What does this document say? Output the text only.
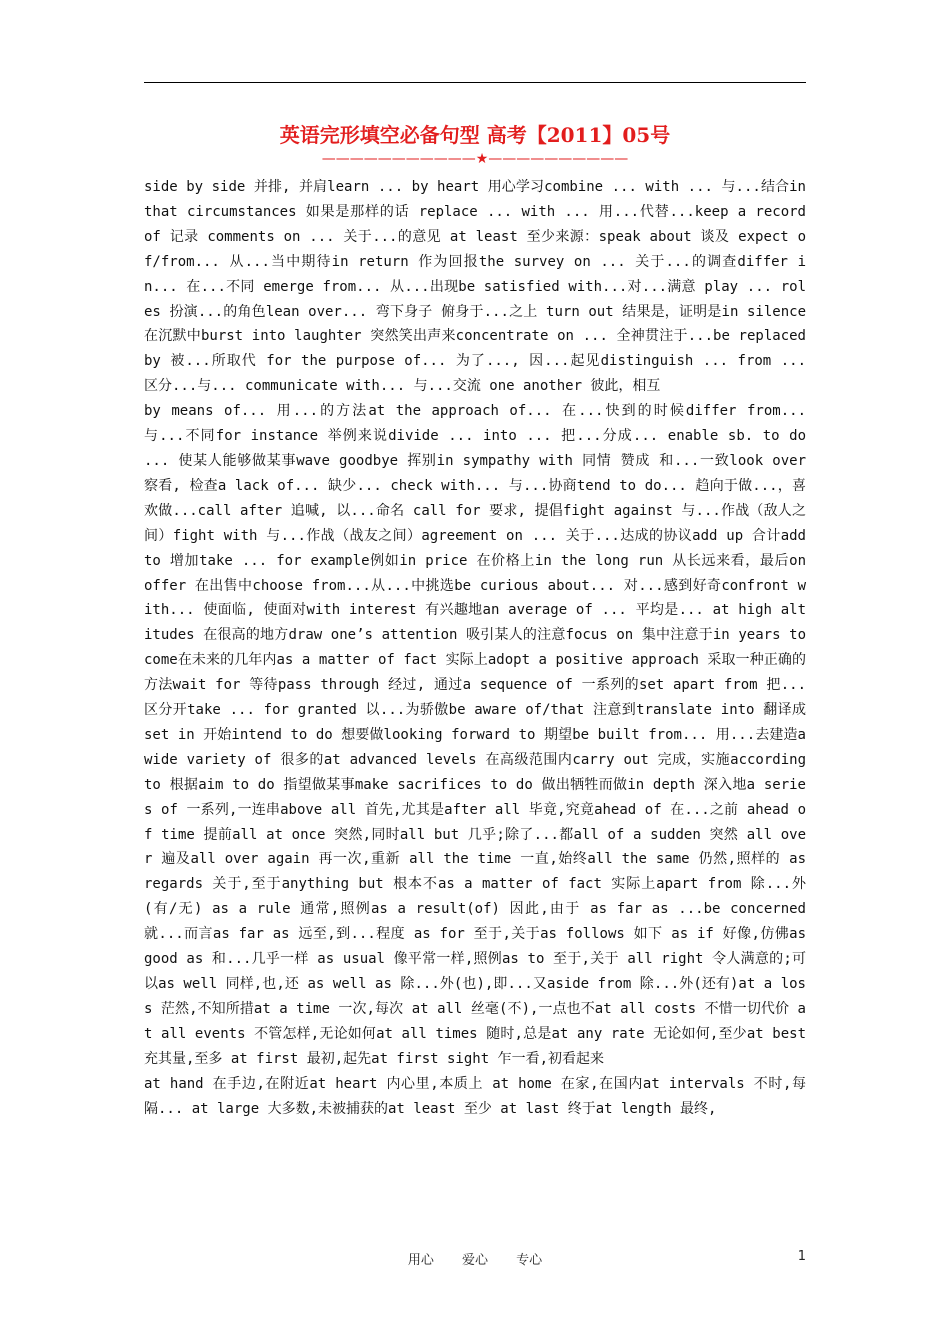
英语完形填空必备句型 高考【2011】05号
———————————★——————————

side by side 并排, 并肩learn ... by heart 用心学习combine ... with ... 与...结合in that circumstances 如果是那样的话 replace ... with ... 用...代替...keep a record of 记录 comments on ... 关于...的意见 at least 至少来源：speak about 谈及 expect of/from... 从...当中期待in return 作为回报the survey on ... 关于...的调查differ in... 在...不同 emerge from... 从...出现be satisfied with...对...满意 play ... roles 扮演...的角色lean over... 弯下身子 俯身于...之上 turn out 结果是，证明是in silence 在沉默中burst into laughter 突然笑出声来concentrate on ... 全神贯注于...be replaced by 被...所取代 for the purpose of... 为了..., 因...起见distinguish ... from ... 区分...与... communicate with... 与...交流 one another 彼此，相互

by means of... 用...的方法at the approach of... 在...快到的时候differ from... 与...不同for instance 举例来说divide ... into ... 把...分成... enable sb. to do ... 使某人能够做某事wave goodbye 挥别in sympathy with 同情 赞成 和...一致look over 察看, 检查a lack of... 缺少... check with... 与...协商tend to do... 趋向于做...，喜欢做...call after 追喊, 以...命名 call for 要求, 提倡fight against 与...作战（敌人之间）fight with 与...作战（战友之间）agreement on ... 关于...达成的协议add up 合计add to 增加take ... for example例如in price 在价格上in the long run 从长远来看，最后on offer 在出售中choose from...从...中挑选be curious about... 对...感到好奇confront with... 使面临, 使面对with interest 有兴趣地an average of ... 平均是... at high altitudes 在很高的地方draw one’s attention 吸引某人的注意focus on 集中注意于in years to come在未来的几年内as a matter of fact 实际上adopt a positive approach 采取一种正确的方法wait for 等待pass through 经过, 通过a sequence of 一系列的set apart from 把...区分开take ... for granted 以...为骄傲be aware of/that 注意到translate into 翻译成set in 开始intend to do 想要做looking forward to 期望be built from... 用...去建造a wide variety of 很多的at advanced levels 在高级范围内carry out 完成，实施according to 根据aim to do 指望做某事make sacrifices to do 做出牺牲而做in depth 深入地a series of 一系列,一连串above all 首先,尤其是after all 毕竟,究竟ahead of 在...之前 ahead of time 提前all at once 突然,同时all but 几乎;除了...都all of a sudden 突然 all over 遍及all over again 再一次,重新 all the time 一直,始终all the same 仍然,照样的 as regards 关于,至于anything but 根本不as a matter of fact 实际上apart from 除...外(有/无) as a rule 通常,照例as a result(of) 因此,由于 as far as ...be concerned 就...而言as far as 远至,到...程度 as for 至于,关于as follows 如下 as if 好像,仿佛as good as 和...几乎一样 as usual 像平常一样,照例as to 至于,关于 all right 令人满意的;可以as well 同样,也,还 as well as 除...外(也),即...又aside from 除...外(还有)at a loss 茫然,不知所措at a time 一次,每次 at all 丝毫(不),一点也不at all costs 不惜一切代价 at all events 不管怎样,无论如何at all times 随时,总是at any rate 无论如何,至少at best 充其量,至多 at first 最初,起先at first sight 乍一看,初看起来

at hand 在手边,在附近at heart 内心里,本质上 at home 在家,在国内at intervals 不时,每隔... at large 大多数,未被捕获的at least 至少 at last 终于at length 最终,

用心 爱心 专心	1
